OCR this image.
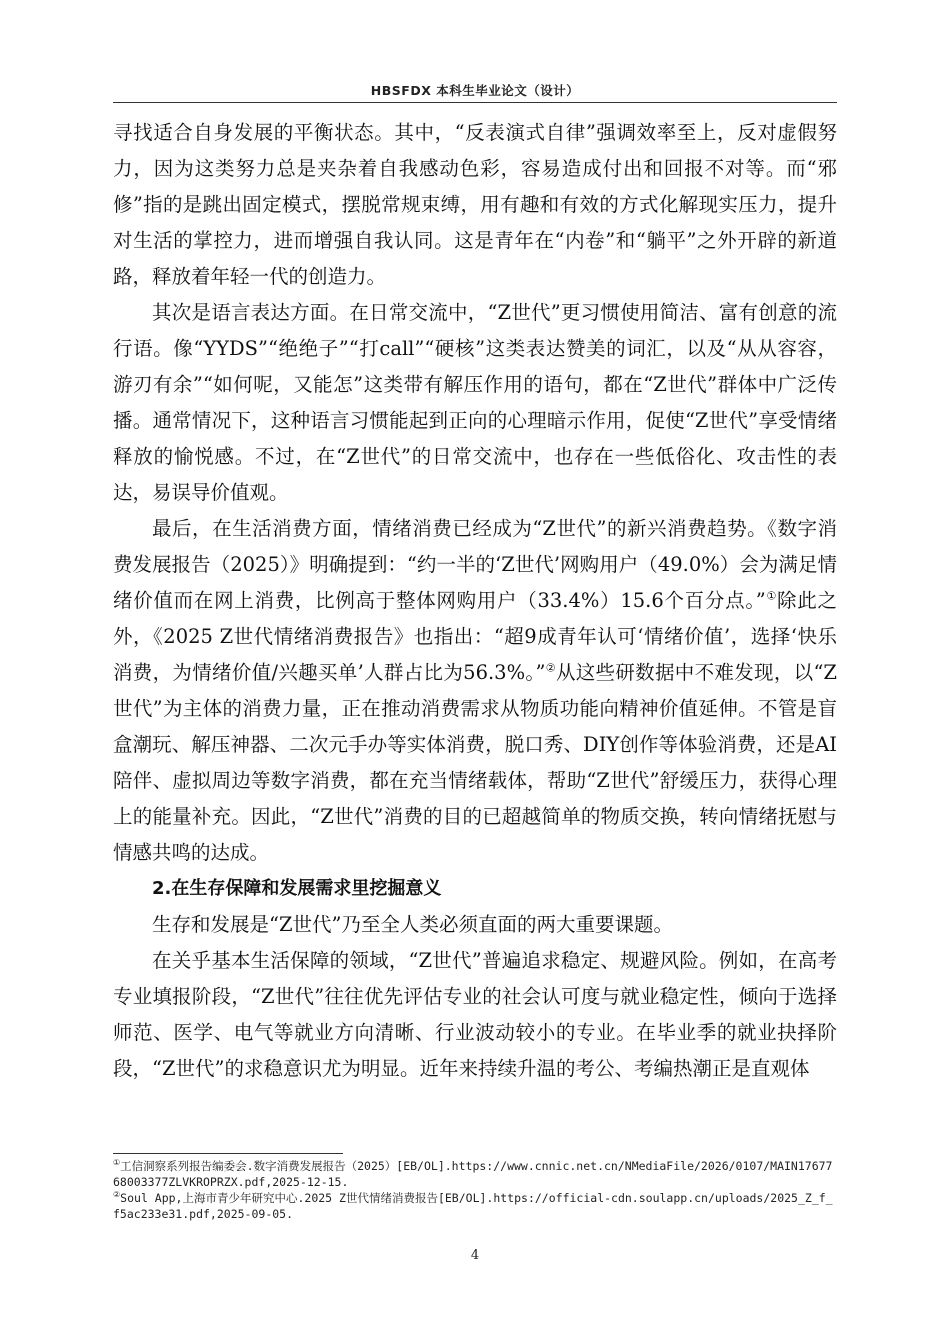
HBSFDX 本科生毕业论文（设计）

寻找适合自身发展的平衡状态。其中，“反表演式自律”强调效率至上，反对虚假努力，因为这类努力总是夹杂着自我感动色彩，容易造成付出和回报不对等。而“邪修”指的是跳出固定模式，摆脱常规束缚，用有趣和有效的方式化解现实压力，提升对生活的掌控力，进而增强自我认同。这是青年在“内卷”和“躺平”之外开辟的新道路，释放着年轻一代的创造力。

其次是语言表达方面。在日常交流中，“Z世代”更习惯使用简洁、富有创意的流行语。像“YYDS”“绝绝子”“打call”“硬核”这类表达赞美的词汇，以及“从从容容，游刃有余”“如何呢，又能怎”这类带有解压作用的语句，都在“Z世代”群体中广泛传播。通常情况下，这种语言习惯能起到正向的心理暗示作用，促使“Z世代”享受情绪释放的愉悦感。不过，在“Z世代”的日常交流中，也存在一些低俗化、攻击性的表达，易误导价值观。

最后，在生活消费方面，情绪消费已经成为“Z世代”的新兴消费趋势。《数字消费发展报告（2025）》明确提到：“约一半的‘Z世代’网购用户（49.0%）会为满足情绪价值而在网上消费，比例高于整体网购用户（33.4%）15.6个百分点。”①除此之外，《2025 Z世代情绪消费报告》也指出：“超9成青年认可‘情绪价值’，选择‘快乐消费，为情绪价值/兴趣买单’人群占比为56.3%。”②从这些研数据中不难发现，以“Z世代”为主体的消费力量，正在推动消费需求从物质功能向精神价值延伸。不管是盲盒潮玩、解压神器、二次元手办等实体消费，脱口秀、DIY创作等体验消费，还是AI陪伴、虚拟周边等数字消费，都在充当情绪载体，帮助“Z世代”舒缓压力，获得心理上的能量补充。因此，“Z世代”消费的目的已超越简单的物质交换，转向情绪抚慰与情感共鸣的达成。

2.在生存保障和发展需求里挖掘意义

生存和发展是“Z世代”乃至全人类必须直面的两大重要课题。

在关乎基本生活保障的领域，“Z世代”普遍追求稳定、规避风险。例如，在高考专业填报阶段，“Z世代”往往优先评估专业的社会认可度与就业稳定性，倾向于选择师范、医学、电气等就业方向清晰、行业波动较小的专业。在毕业季的就业抉择阶段，“Z世代”的求稳意识尤为明显。近年来持续升温的考公、考编热潮正是直观体

①工信洞察系列报告编委会.数字消费发展报告（2025）[EB/OL].https://www.cnnic.net.cn/NMediaFile/2026/0107/MAIN1767768003377ZLVKROPRZX.pdf,2025-12-15.

②Soul App,上海市青少年研究中心.2025 Z世代情绪消费报告[EB/OL].https://official-cdn.soulapp.cn/uploads/2025_Z_f_f5ac233e31.pdf,2025-09-05.

4
